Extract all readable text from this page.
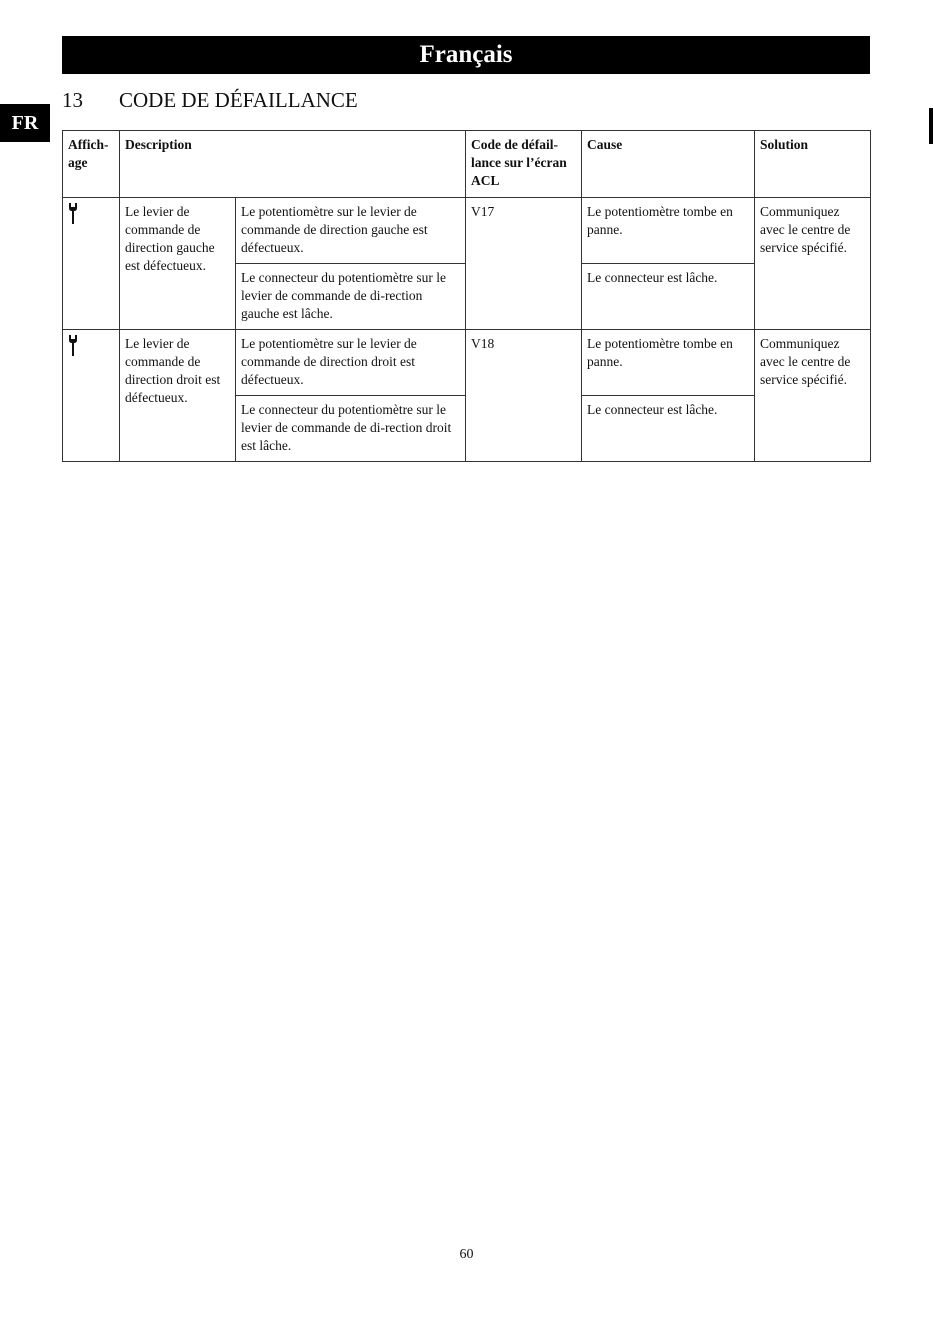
Français
FR
13 CODE DE DÉFAILLANCE
Affich-age	Description		Code de défail-lance sur l’écran ACL	Cause	Solution

	Le levier de commande de direction gauche est défectueux.	Le potentiomètre sur le levier de commande de direction gauche est défectueux.	V17	Le potentiomètre tombe en panne.	Communiquez avec le centre de service spécifié.
		Le connecteur du potentiomètre sur le levier de commande de di-rection gauche est lâche.		Le connecteur est lâche.	

	Le levier de commande de direction droit est défectueux.	Le potentiomètre sur le levier de commande de direction droit est défectueux.	V18	Le potentiomètre tombe en panne.	Communiquez avec le centre de service spécifié.
		Le connecteur du potentiomètre sur le levier de commande de di-rection droit est lâche.		Le connecteur est lâche.	
60
